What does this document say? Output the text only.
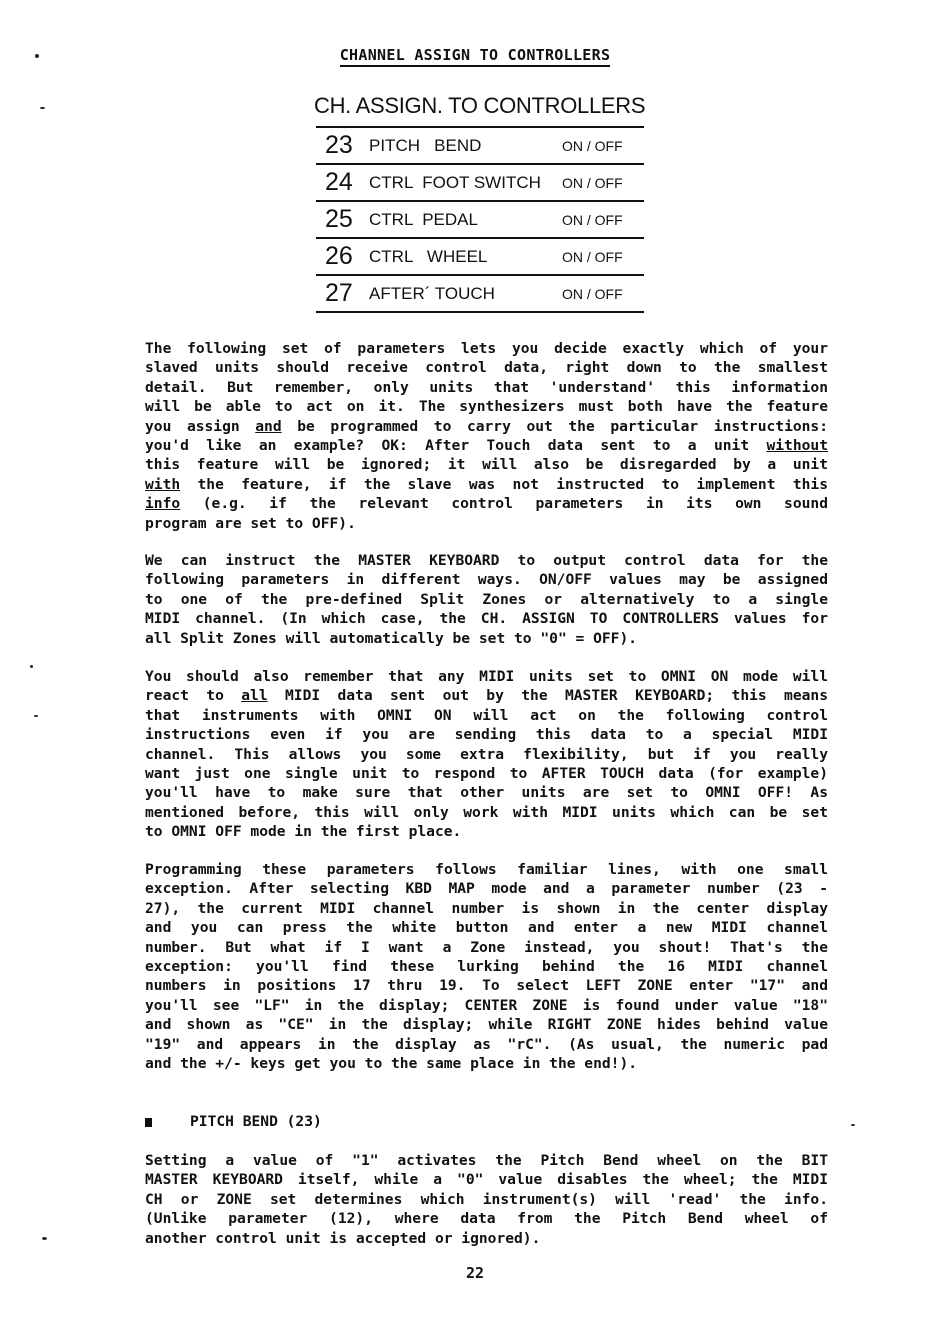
CHANNEL ASSIGN TO CONTROLLERS
CH. ASSIGN. TO CONTROLLERS
23 PITCH   BEND	ON / OFF
24 CTRL  FOOT SWITCH	ON / OFF
25 CTRL  PEDAL	ON / OFF
26 CTRL   WHEEL	ON / OFF
27 AFTER´ TOUCH	ON / OFF

The following set of parameters lets you decide exactly which of your
slaved units should receive control data, right down to the smallest
detail. But remember, only units that 'understand' this information
will be able to act on it. The synthesizers must both have the feature
you assign and be programmed to carry out the particular instructions:
you'd like an example? OK: After Touch data sent to a unit without
this feature will be ignored; it will also be disregarded by a unit
with the feature, if the slave was not instructed to implement this
info (e.g. if the relevant control parameters in its own sound
program are set to OFF).

We can instruct the MASTER KEYBOARD to output control data for the
following parameters in different ways. ON/OFF values may be assigned
to one of the pre-defined Split Zones or alternatively to a single
MIDI channel. (In which case, the CH. ASSIGN TO CONTROLLERS values for
all Split Zones will automatically be set to "0" = OFF).

You should also remember that any MIDI units set to OMNI ON mode will
react to all MIDI data sent out by the MASTER KEYBOARD; this means
that instruments with OMNI ON will act on the following control
instructions even if you are sending this data to a special MIDI
channel. This allows you some extra flexibility, but if you really
want just one single unit to respond to AFTER TOUCH data (for example)
you'll have to make sure that other units are set to OMNI OFF! As
mentioned before, this will only work with MIDI units which can be set
to OMNI OFF mode in the first place.

Programming these parameters follows familiar lines, with one small
exception. After selecting KBD MAP mode and a parameter number (23 -
27), the current MIDI channel number is shown in the center display
and you can press the white button and enter a new MIDI channel
number. But what if I want a Zone instead, you shout! That's the
exception: you'll find these lurking behind the 16 MIDI channel
numbers in positions 17 thru 19. To select LEFT ZONE enter "17" and
you'll see "LF" in the display; CENTER ZONE is found under value "18"
and shown as "CE" in the display; while RIGHT ZONE hides behind value
"19" and appears in the display as "rC". (As usual, the numeric pad
and the +/- keys get you to the same place in the end!).

PITCH BEND (23)

Setting a value of "1" activates the Pitch Bend wheel on the BIT
MASTER KEYBOARD itself, while a "0" value disables the wheel; the MIDI
CH or ZONE set determines which instrument(s) will 'read' the info.
(Unlike parameter (12), where data from the Pitch Bend wheel of
another control unit is accepted or ignored).

22
